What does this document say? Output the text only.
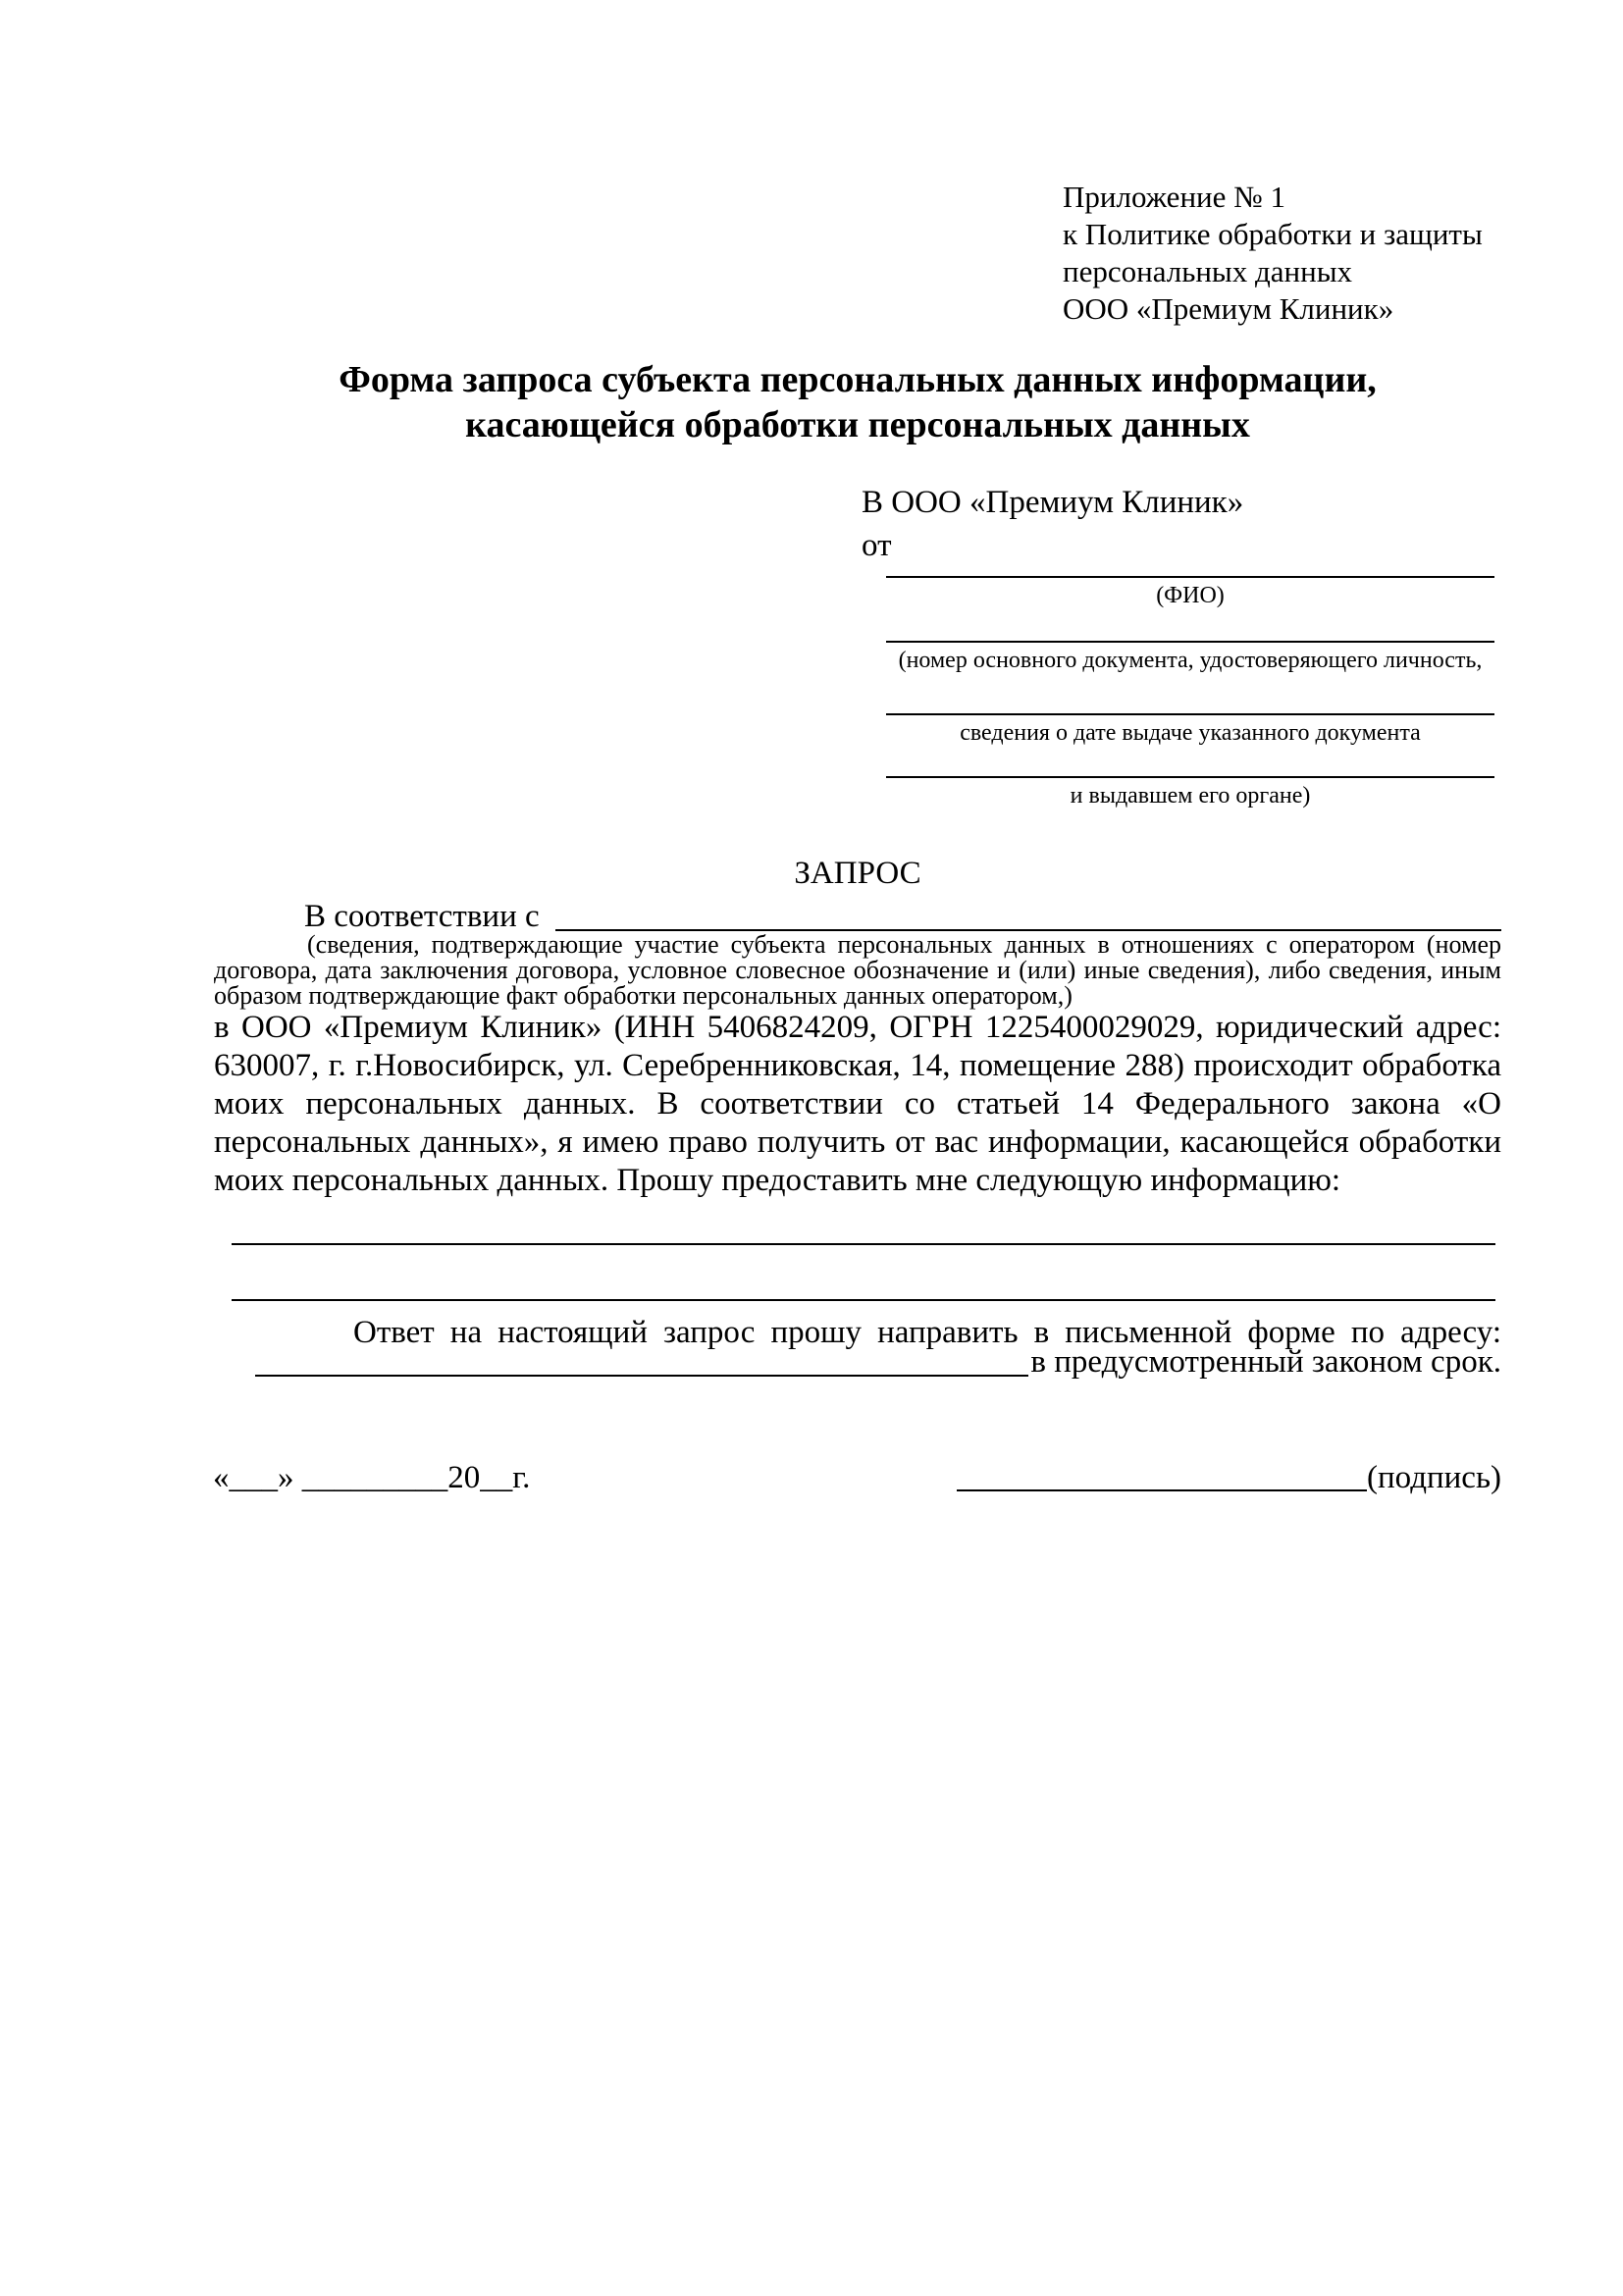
Приложение № 1
к Политике обработки и защиты
персональных данных
ООО «Премиум Клиник»
Форма запроса субъекта персональных данных информации,
касающейся обработки персональных данных
В ООО «Премиум Клиник»
от
(ФИО)
(номер основного документа, удостоверяющего личность,
сведения о дате выдаче указанного документа
и выдавшем его органе)
ЗАПРОС
В соответствии с
(сведения, подтверждающие участие субъекта персональных данных в отношениях с оператором (номер договора, дата заключения договора, условное словесное обозначение и (или) иные сведения), либо сведения, иным образом подтверждающие факт обработки персональных данных оператором,)
в ООО «Премиум Клиник» (ИНН 5406824209, ОГРН 1225400029029, юридический адрес: 630007, г. г.Новосибирск, ул. Серебренниковская, 14, помещение 288) происходит обработка моих персональных данных. В соответствии со статьей 14 Федерального закона «О персональных данных», я имею право получить от вас информации, касающейся обработки моих персональных данных. Прошу предоставить мне следующую информацию:
Ответ на настоящий запрос прошу направить в письменной форме по адресу:
в предусмотренный законом срок.
«___» _________20__г.	(подпись)
